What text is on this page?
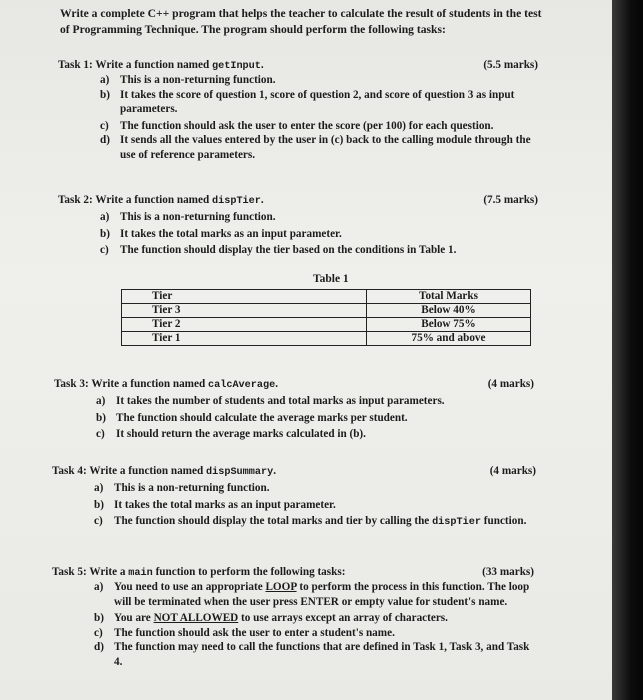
Write a complete C++ program that helps the teacher to calculate the result of students in the test of Programming Technique. The program should perform the following tasks:
Task 1: Write a function named getInput.	(5.5 marks)
a) This is a non-returning function.
b) It takes the score of question 1, score of question 2, and score of question 3 as input parameters.
c) The function should ask the user to enter the score (per 100) for each question.
d) It sends all the values entered by the user in (c) back to the calling module through the use of reference parameters.
Task 2: Write a function named dispTier.	(7.5 marks)
a) This is a non-returning function.
b) It takes the total marks as an input parameter.
c) The function should display the tier based on the conditions in Table 1.
Table 1
Tier	Total Marks
Tier 3	Below 40%
Tier 2	Below 75%
Tier 1	75% and above
Task 3: Write a function named calcAverage.	(4 marks)
a) It takes the number of students and total marks as input parameters.
b) The function should calculate the average marks per student.
c) It should return the average marks calculated in (b).
Task 4: Write a function named dispSummary.	(4 marks)
a) This is a non-returning function.
b) It takes the total marks as an input parameter.
c) The function should display the total marks and tier by calling the dispTier function.
Task 5: Write a main function to perform the following tasks:	(33 marks)
a) You need to use an appropriate LOOP to perform the process in this function. The loop will be terminated when the user press ENTER or empty value for student's name.
b) You are NOT ALLOWED to use arrays except an array of characters.
c) The function should ask the user to enter a student's name.
d) The function may need to call the functions that are defined in Task 1, Task 3, and Task 4.
